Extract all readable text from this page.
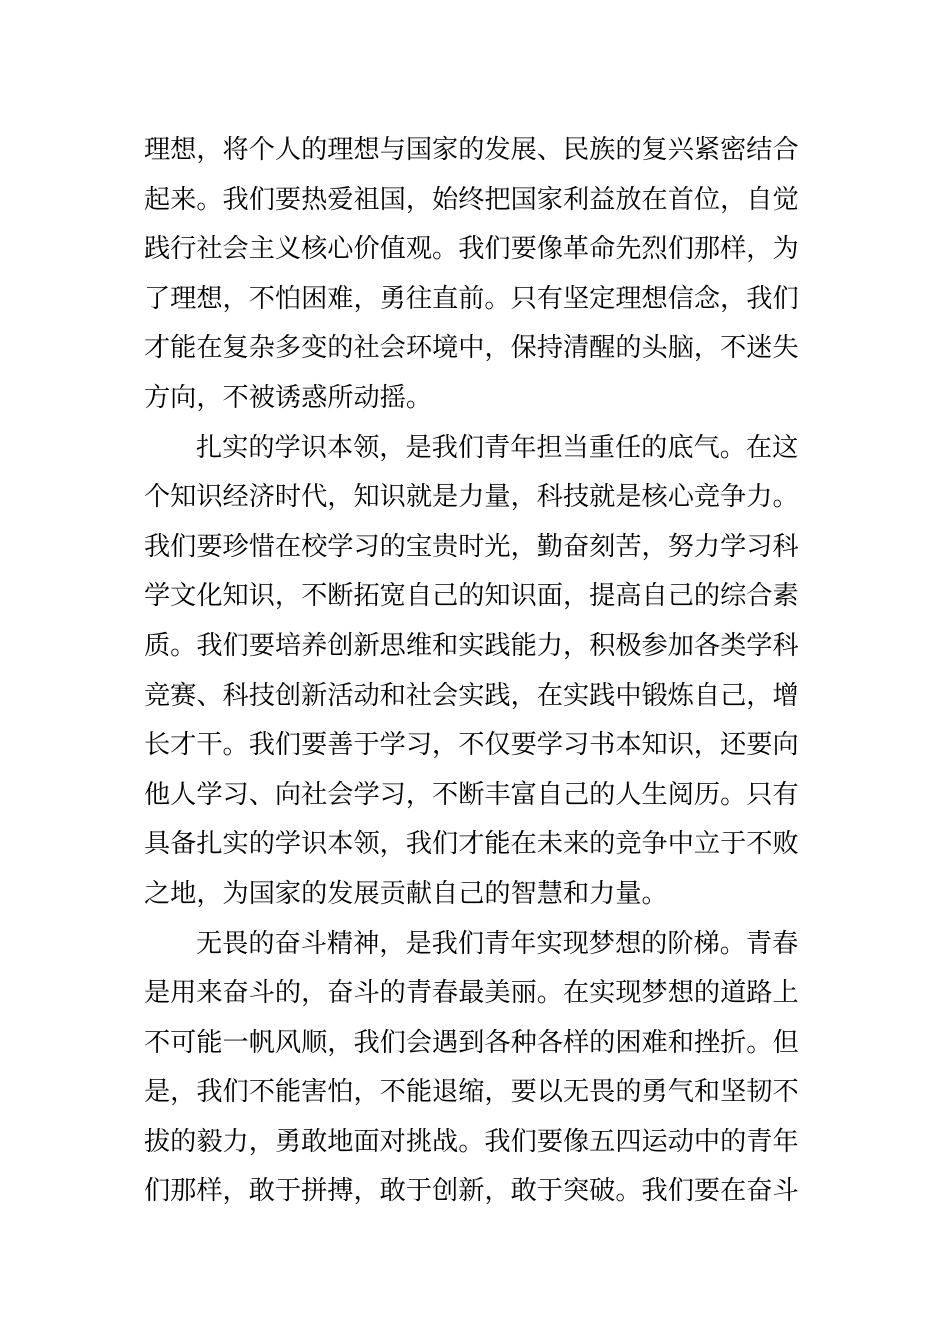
理想，将个人的理想与国家的发展、民族的复兴紧密结合
起来。我们要热爱祖国，始终把国家利益放在首位，自觉
践行社会主义核心价值观。我们要像革命先烈们那样，为
了理想，不怕困难，勇往直前。只有坚定理想信念，我们
才能在复杂多变的社会环境中，保持清醒的头脑，不迷失
方向，不被诱惑所动摇。
扎实的学识本领，是我们青年担当重任的底气。在这
个知识经济时代，知识就是力量，科技就是核心竞争力。
我们要珍惜在校学习的宝贵时光，勤奋刻苦，努力学习科
学文化知识，不断拓宽自己的知识面，提高自己的综合素
质。我们要培养创新思维和实践能力，积极参加各类学科
竞赛、科技创新活动和社会实践，在实践中锻炼自己，增
长才干。我们要善于学习，不仅要学习书本知识，还要向
他人学习、向社会学习，不断丰富自己的人生阅历。只有
具备扎实的学识本领，我们才能在未来的竞争中立于不败
之地，为国家的发展贡献自己的智慧和力量。
无畏的奋斗精神，是我们青年实现梦想的阶梯。青春
是用来奋斗的，奋斗的青春最美丽。在实现梦想的道路上
不可能一帆风顺，我们会遇到各种各样的困难和挫折。但
是，我们不能害怕，不能退缩，要以无畏的勇气和坚韧不
拔的毅力，勇敢地面对挑战。我们要像五四运动中的青年
们那样，敢于拼搏，敢于创新，敢于突破。我们要在奋斗
